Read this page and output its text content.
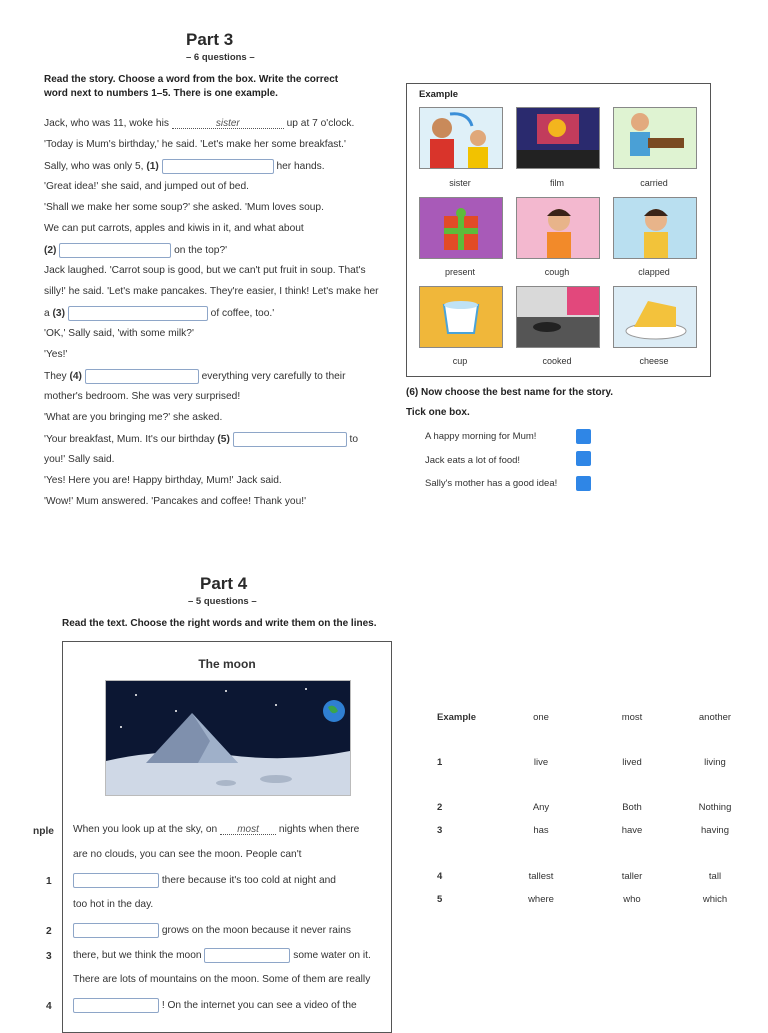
Part 3
– 6 questions –
Read the story. Choose a word from the box. Write the correct
word next to numbers 1–5. There is one example.
Jack, who was 11, woke his	sister	up at 7 o'clock.
'Today is Mum's birthday,' he said. 'Let's make her some breakfast.'
Sally, who was only 5, (1)	her hands.
'Great idea!' she said, and jumped out of bed.
'Shall we make her some soup?' she asked. 'Mum loves soup.
We can put carrots, apples and kiwis in it, and what about
(2)	on the top?'
Jack laughed. 'Carrot soup is good, but we can't put fruit in soup. That's
silly!' he said. 'Let's make pancakes. They're easier, I think! Let's make her
a (3)	of coffee, too.'
'OK,' Sally said, 'with some milk?'
'Yes!'
They (4)	everything very carefully to their
mother's bedroom. She was very surprised!
'What are you bringing me?' she asked.
'Your breakfast, Mum. It's our birthday (5)	to
you!' Sally said.
'Yes! Here you are! Happy birthday, Mum!' Jack said.
'Wow!' Mum answered. 'Pancakes and coffee! Thank you!'
Example
sister	film	carried
present	cough	clapped
cup	cooked	cheese
(6) Now choose the best name for the story.
Tick one box.
A happy morning for Mum!
Jack eats a lot of food!
Sally's mother has a good idea!
Part 4
– 5 questions –
Read the text. Choose the right words and write them on the lines.
The moon
nple When you look up at the sky, on most nights when there
are no clouds, you can see the moon. People can't
there because it's too cold at night and
too hot in the day.
grows on the moon because it never rains
there, but we think the moon	some water on it.
There are lots of mountains on the moon. Some of them are really
! On the internet you can see a video of the
1
2
3
4
Example	one	most	another
1	live	lived	living
2	Any	Both	Nothing
3	has	have	having
4	tallest	taller	tall
5	where	who	which
